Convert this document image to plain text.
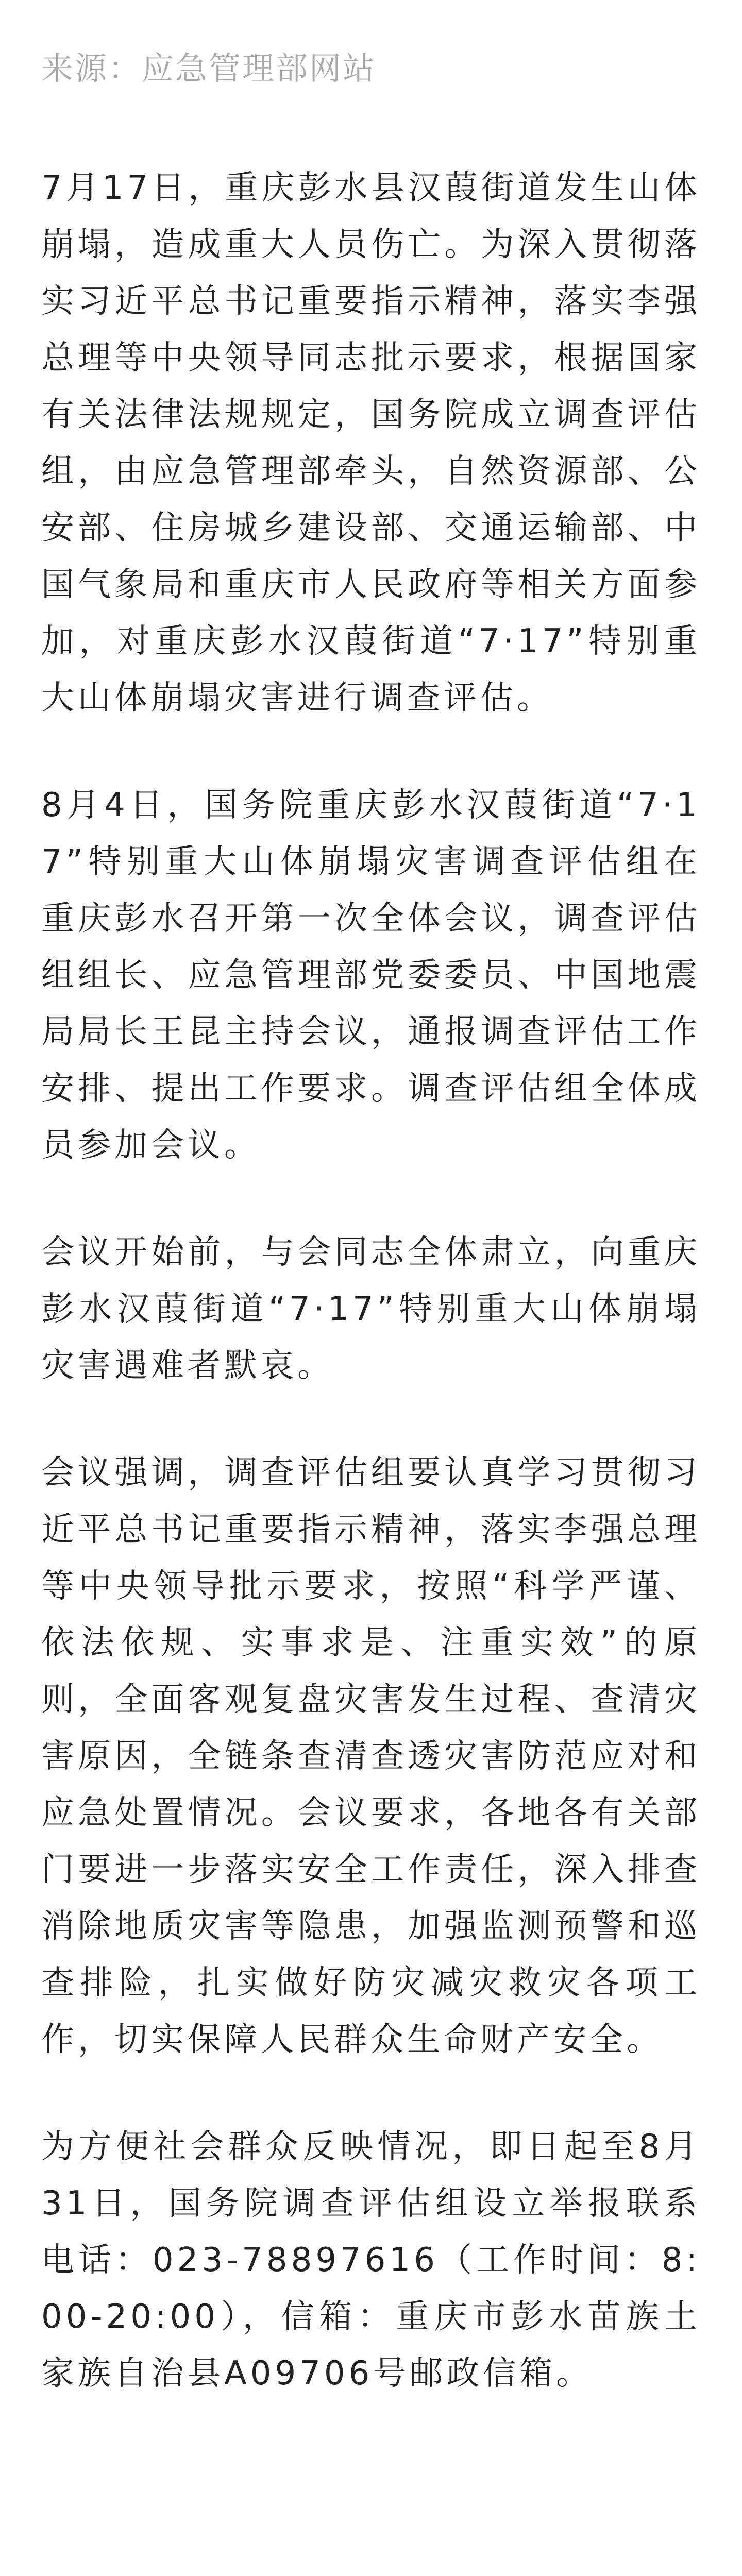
来源：应急管理部网站

7月17日，重庆彭水县汉葭街道发生山体崩塌，造成重大人员伤亡。为深入贯彻落实习近平总书记重要指示精神，落实李强总理等中央领导同志批示要求，根据国家有关法律法规规定，国务院成立调查评估组，由应急管理部牵头，自然资源部、公安部、住房城乡建设部、交通运输部、中国气象局和重庆市人民政府等相关方面参加，对重庆彭水汉葭街道“7·17”特别重大山体崩塌灾害进行调查评估。

8月4日，国务院重庆彭水汉葭街道“7·17”特别重大山体崩塌灾害调查评估组在重庆彭水召开第一次全体会议，调查评估组组长、应急管理部党委委员、中国地震局局长王昆主持会议，通报调查评估工作安排、提出工作要求。调查评估组全体成员参加会议。

会议开始前，与会同志全体肃立，向重庆彭水汉葭街道“7·17”特别重大山体崩塌灾害遇难者默哀。

会议强调，调查评估组要认真学习贯彻习近平总书记重要指示精神，落实李强总理等中央领导批示要求，按照“科学严谨、依法依规、实事求是、注重实效”的原则，全面客观复盘灾害发生过程、查清灾害原因，全链条查清查透灾害防范应对和应急处置情况。会议要求，各地各有关部门要进一步落实安全工作责任，深入排查消除地质灾害等隐患，加强监测预警和巡查排险，扎实做好防灾减灾救灾各项工作，切实保障人民群众生命财产安全。

为方便社会群众反映情况，即日起至8月31日，国务院调查评估组设立举报联系电话：023-78897616（工作时间：8:00-20:00），信箱：重庆市彭水苗族土家族自治县A09706号邮政信箱。
